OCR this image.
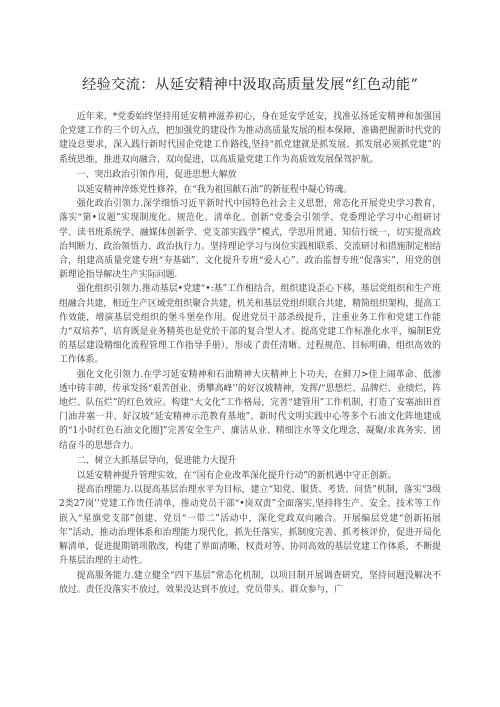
经验交流：从延安精神中汲取高质量发展“红色动能”

近年来，*党委始终坚持用延安精神滋养初心，身在延安学延安，找准弘扬延安精神和加强国企党建工作的三个切入点，把加强党的建设作为推动高质量发展的根本保障，准确把握新时代党的建设总要求，深入践行新时代国企党建工作路线,坚持“抓党建就是抓发展、抓发展必须抓党建”的系统思维，推进双向融合、双向促进，以高质量党建工作为高质效发展保驾护航。

一、突出政治引领作用，促进思想大解放

以延安精神淬炼党性修养，在“我为祖国献石油”的新征程中凝心铸魂。

强化政治引领力.深学细悟习近平新时代中国特色社会主义思想，常态化开展党史学习教育，落实“第•议题”实现制度化、规范化、清单化。创新“党委会引领学、党委理论学习中心组研讨学、读书班系统学、融媒体创新学、党支部实践学”模式，学思用贯通、知信行统一，切实提高政治判断力、政治领悟力、政治执行力。坚持理论学习与岗位实践相联系、交流研讨和措施制定相结合，组建高质量党建专班“夯基础”、文化提升专班“爱人心”、政治监督专班“促落实”，用党的创新理论指导解决生产实际问题.

强化组织引领力.推动基层•党建“•:基”工作相结合，组织建设歪心下移，基层党组织和生产班组融合共建，相近生产区域党组织聚合共建，机关和基层党组织联合共建，精简组织架构，提高工作效能，增演基层党组织的堡斗堡垒作用。促进党员干部杀级提升，注重业务工作和党建工作能力“双培养”，培育既是业务精英也是党於干部的复合型人才。提高党建工作标准化水平，编制E党的基层建设精细化流程管理工作指导手册），形成了责任清晰、过程规范、目标明确、组织高效的工作体系。

强化文化引领力.在学习延安精神和石油精神大庆精神上卜功夫，在鲜刀>佳上闹革命、低渗透中铸丰碑，传承发扬“艰苦创业、勇攀高峰’’的好汉坡精神，发挥/“思想烂、品牌烂、业绩烂，阵地烂、队伍烂”的红色效应。构建“大文化”工作格局，完善“建管用”工作机制，打造了安塞油田首门油井塞一井、好汉坡“延安精神示范教育基地”、新时代文明实践中心等多个石油文化阵地建成的“1小时红色石油文化圈]”完善安全生产、廉洁从业、精细注水等文化理念，凝聚/求真务实、团结奋斗的思想合力。

二、树立大抓基层导向，促进能力大提升

以延安精神提升管理实效，在“国有企业改革深化提升行动”的新机遇中守正创新。

提高治理能力.以提高基层治理水平为目标，建立“知党、服货、考货、问货”机制，落实“3级2类27岗’’党建工作贵任清单，推动党员干部“•岗双责”全面落实,坚持将生产、安全、技术等工作嵌入“星旗党支部”创建、党员“一带二”活动中，深化党政双向融合。开展编层党建“创新拓展年”活动，推动治理体系和治理能力现代化，抓先任落实，抓制度完善、抓考核评价，促进开局化解清单，促进提期销项散改，构建了界面清晰、权责对等、协同高效的基层党建工作体系，不断提升基层治理的主动性。

提高服务能力.建立健全“四下基层”常态化机制，以项目制开展调查研究，坚持问题没解决不放过。责任没落实不放过，效果没达到不放过，党员带头、群众参与，广
